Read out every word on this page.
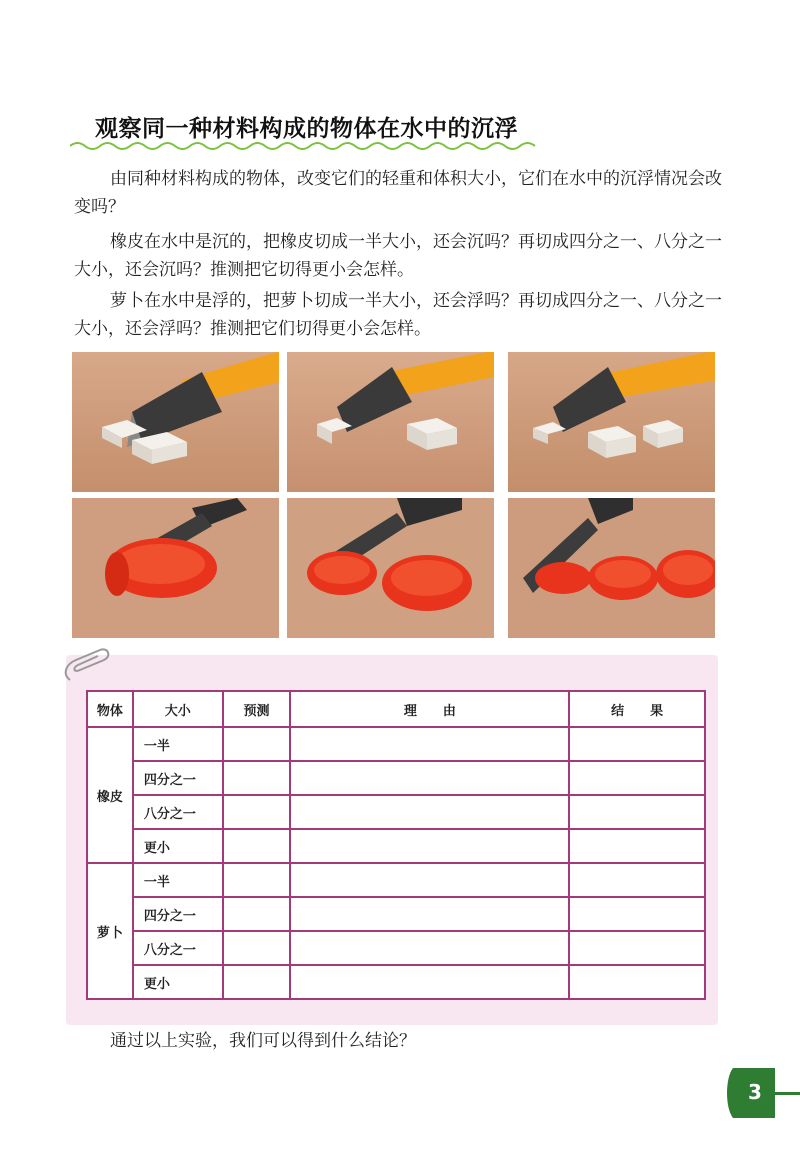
观察同一种材料构成的物体在水中的沉浮
由同种材料构成的物体，改变它们的轻重和体积大小，它们在水中的沉浮情况会改变吗？
橡皮在水中是沉的，把橡皮切成一半大小，还会沉吗？再切成四分之一、八分之一大小，还会沉吗？推测把它切得更小会怎样。
萝卜在水中是浮的，把萝卜切成一半大小，还会浮吗？再切成四分之一、八分之一大小，还会浮吗？推测把它们切得更小会怎样。
物体	大小	预测	理　　由	结　　果
橡皮	一半			
	四分之一			
	八分之一			
	更小			
萝卜	一半			
	四分之一			
	八分之一			
	更小			
通过以上实验，我们可以得到什么结论？
3
